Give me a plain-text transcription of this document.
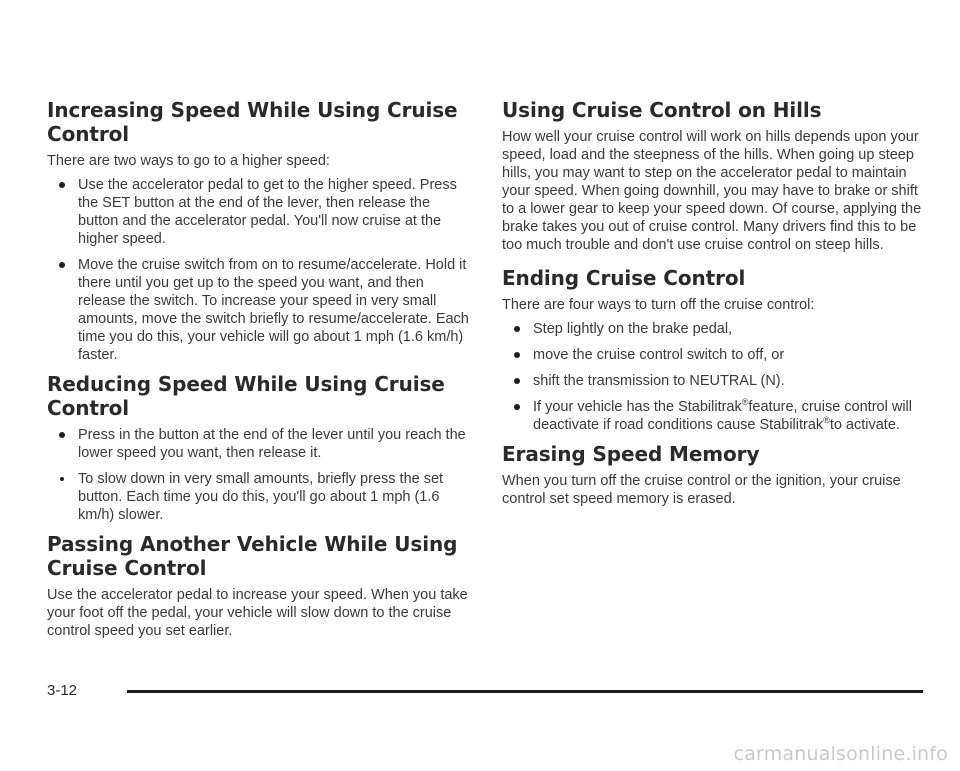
Increasing Speed While Using Cruise Control

There are two ways to go to a higher speed:

Use the accelerator pedal to get to the higher speed. Press the SET button at the end of the lever, then release the button and the accelerator pedal. You'll now cruise at the higher speed.
Move the cruise switch from on to resume/accelerate. Hold it there until you get up to the speed you want, and then release the switch. To increase your speed in very small amounts, move the switch briefly to resume/accelerate. Each time you do this, your vehicle will go about 1 mph (1.6 km/h) faster.
Reducing Speed While Using Cruise Control
Press in the button at the end of the lever until you reach the lower speed you want, then release it.
To slow down in very small amounts, briefly press the set button. Each time you do this, you'll go about 1 mph (1.6 km/h) slower.
Passing Another Vehicle While Using Cruise Control

Use the accelerator pedal to increase your speed. When you take your foot off the pedal, your vehicle will slow down to the cruise control speed you set earlier.

Using Cruise Control on Hills

How well your cruise control will work on hills depends upon your speed, load and the steepness of the hills. When going up steep hills, you may want to step on the accelerator pedal to maintain your speed. When going downhill, you may have to brake or shift to a lower gear to keep your speed down. Of course, applying the brake takes you out of cruise control. Many drivers find this to be too much trouble and don't use cruise control on steep hills.

Ending Cruise Control

There are four ways to turn off the cruise control:

Step lightly on the brake pedal,
move the cruise control switch to off, or
shift the transmission to NEUTRAL (N).
If your vehicle has the Stabilitrak®feature, cruise control will deactivate if road conditions cause Stabilitrak®to activate.
Erasing Speed Memory

When you turn off the cruise control or the ignition, your cruise control set speed memory is erased.

3-12
carmanualsonline.info
